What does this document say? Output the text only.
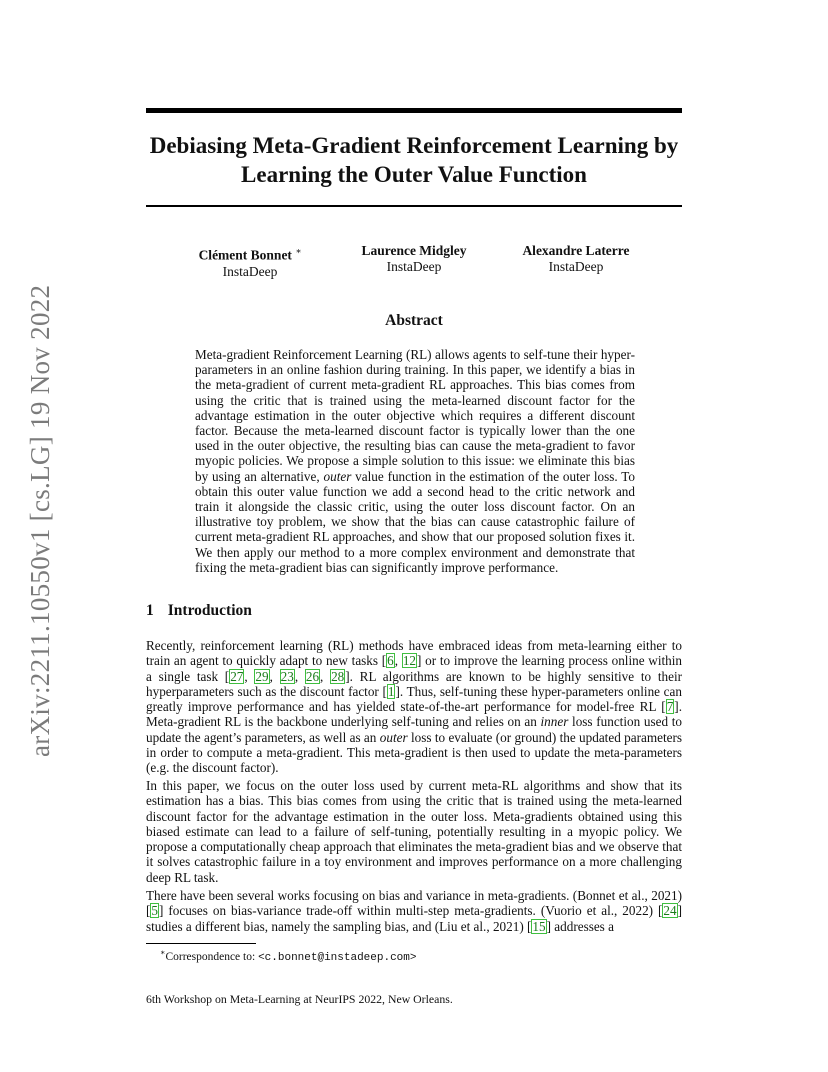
arXiv:2211.10550v1 [cs.LG] 19 Nov 2022
Debiasing Meta-Gradient Reinforcement Learning by
Learning the Outer Value Function
Clément Bonnet ∗
InstaDeep
Laurence Midgley
InstaDeep
Alexandre Laterre
InstaDeep
Abstract
Meta-gradient Reinforcement Learning (RL) allows agents to self-tune their hyper-parameters in an online fashion during training. In this paper, we identify a bias in the meta-gradient of current meta-gradient RL approaches. This bias comes from using the critic that is trained using the meta-learned discount factor for the advantage estimation in the outer objective which requires a different discount factor. Because the meta-learned discount factor is typically lower than the one used in the outer objective, the resulting bias can cause the meta-gradient to favor myopic policies. We propose a simple solution to this issue: we eliminate this bias by using an alternative, outer value function in the estimation of the outer loss. To obtain this outer value function we add a second head to the critic network and train it alongside the classic critic, using the outer loss discount factor. On an illustrative toy problem, we show that the bias can cause catastrophic failure of current meta-gradient RL approaches, and show that our proposed solution fixes it. We then apply our method to a more complex environment and demonstrate that fixing the meta-gradient bias can significantly improve performance.
1 Introduction
Recently, reinforcement learning (RL) methods have embraced ideas from meta-learning either to train an agent to quickly adapt to new tasks [6, 12] or to improve the learning process online within a single task [27, 29, 23, 26, 28]. RL algorithms are known to be highly sensitive to their hyperparameters such as the discount factor [1]. Thus, self-tuning these hyper-parameters online can greatly improve performance and has yielded state-of-the-art performance for model-free RL [7]. Meta-gradient RL is the backbone underlying self-tuning and relies on an inner loss function used to update the agent’s parameters, as well as an outer loss to evaluate (or ground) the updated parameters in order to compute a meta-gradient. This meta-gradient is then used to update the meta-parameters (e.g. the discount factor).
In this paper, we focus on the outer loss used by current meta-RL algorithms and show that its estimation has a bias. This bias comes from using the critic that is trained using the meta-learned discount factor for the advantage estimation in the outer loss. Meta-gradients obtained using this biased estimate can lead to a failure of self-tuning, potentially resulting in a myopic policy. We propose a computationally cheap approach that eliminates the meta-gradient bias and we observe that it solves catastrophic failure in a toy environment and improves performance on a more challenging deep RL task.
There have been several works focusing on bias and variance in meta-gradients. (Bonnet et al., 2021) [5] focuses on bias-variance trade-off within multi-step meta-gradients. (Vuorio et al., 2022) [24] studies a different bias, namely the sampling bias, and (Liu et al., 2021) [15] addresses a
∗Correspondence to: <c.bonnet@instadeep.com>
6th Workshop on Meta-Learning at NeurIPS 2022, New Orleans.
